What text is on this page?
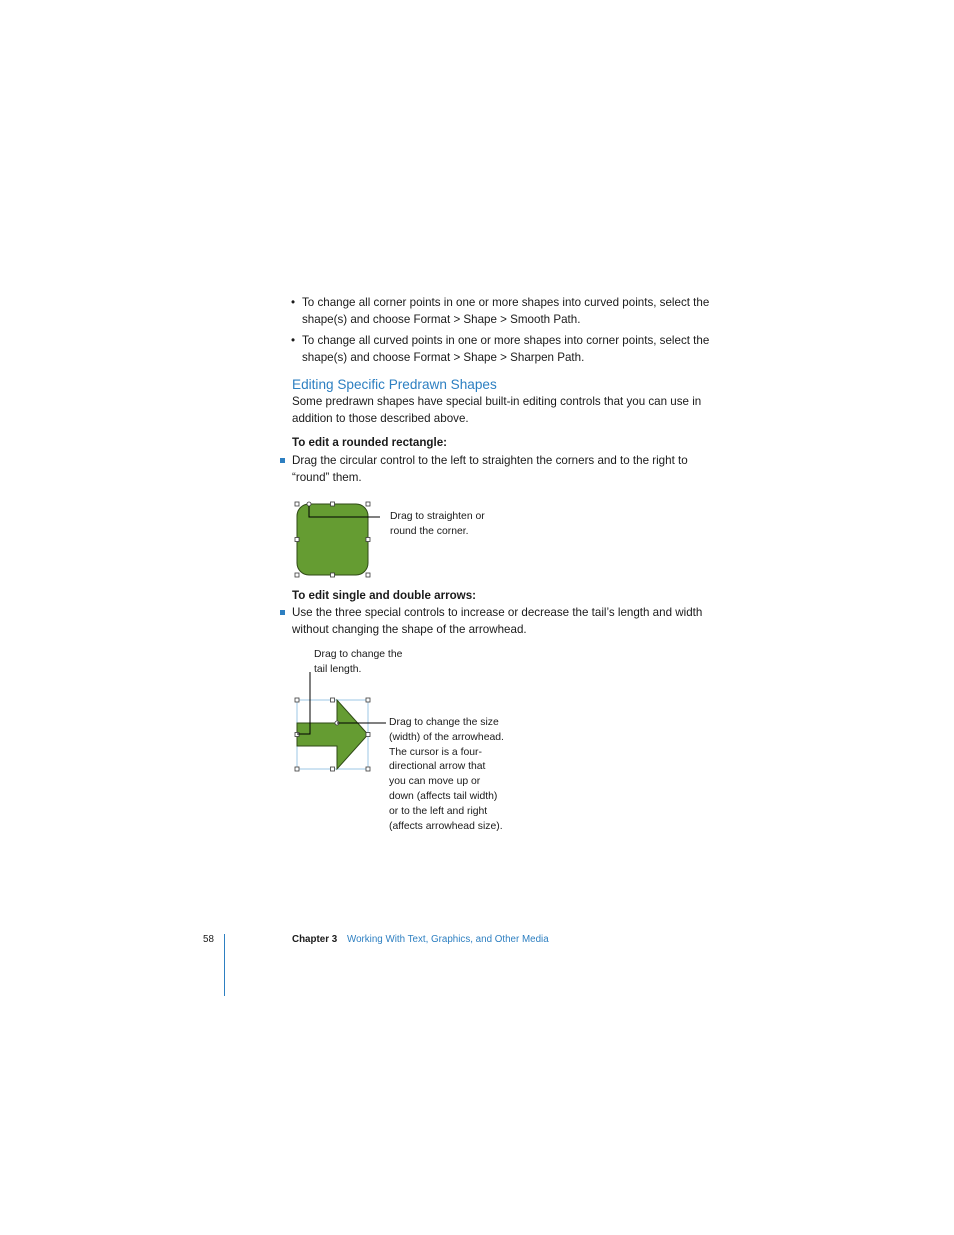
• To change all corner points in one or more shapes into curved points, select the
shape(s) and choose Format > Shape > Smooth Path.
• To change all curved points in one or more shapes into corner points, select the
shape(s) and choose Format > Shape > Sharpen Path.
Editing Specific Predrawn Shapes
Some predrawn shapes have special built-in editing controls that you can use in
addition to those described above.
To edit a rounded rectangle:
Drag the circular control to the left to straighten the corners and to the right to
“round” them.
Drag to straighten or
round the corner.
To edit single and double arrows:
Use the three special controls to increase or decrease the tail’s length and width
without changing the shape of the arrowhead.
Drag to change the
tail length.
Drag to change the size
(width) of the arrowhead.
The cursor is a four-
directional arrow that
you can move up or
down (affects tail width)
or to the left and right
(affects arrowhead size).
58	Chapter 3 Working With Text, Graphics, and Other Media
